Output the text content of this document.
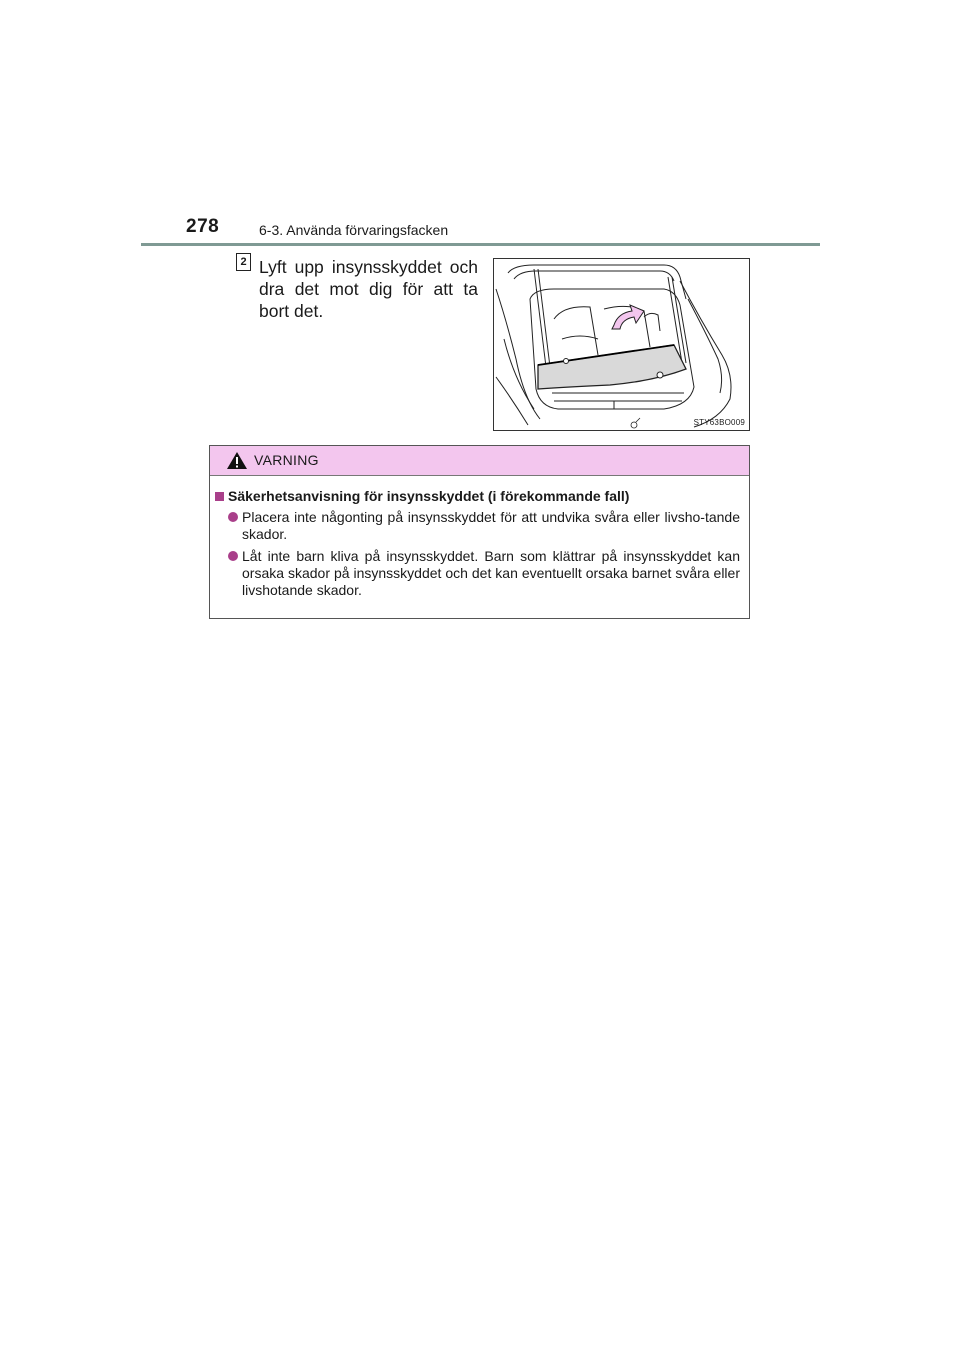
278	6-3. Använda förvaringsfacken
2 Lyft upp insynsskyddet och dra det mot dig för att ta bort det.
STY63BO009
VARNING
Säkerhetsanvisning för insynsskyddet (i förekommande fall)
Placera inte någonting på insynsskyddet för att undvika svåra eller livsho-tande skador.
Låt inte barn kliva på insynsskyddet. Barn som klättrar på insynsskyddet kan orsaka skador på insynsskyddet och det kan eventuellt orsaka barnet svåra eller livshotande skador.
